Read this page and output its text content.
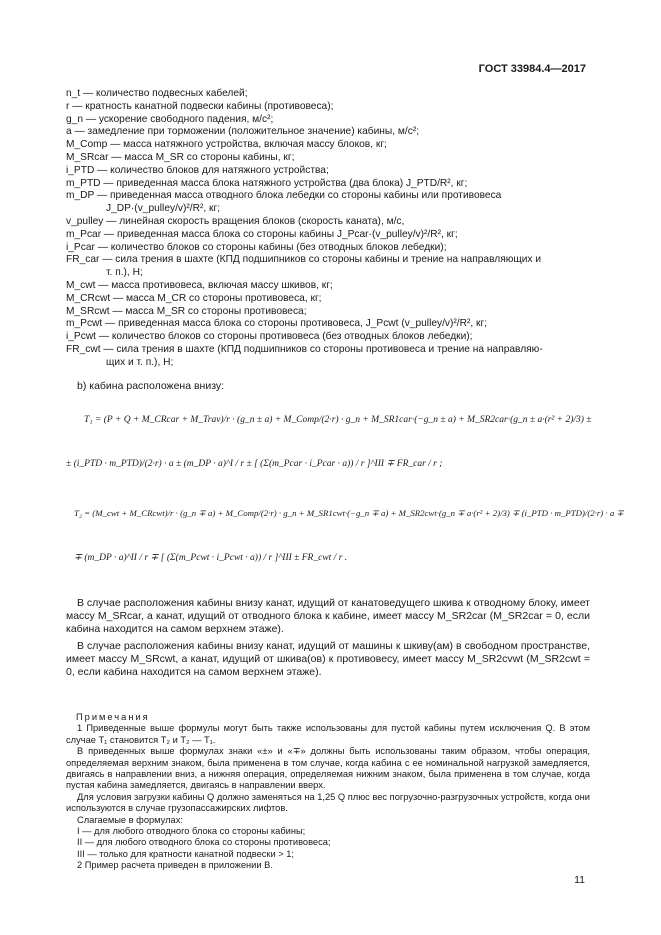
ГОСТ 33984.4—2017

n_t — количество подвесных кабелей;

r — кратность канатной подвески кабины (противовеса);

g_n — ускорение свободного падения, м/с²;

a — замедление при торможении (положительное значение) кабины, м/с²;

M_Comp — масса натяжного устройства, включая массу блоков, кг;

M_SRcar — масса M_SR со стороны кабины, кг;

i_PTD — количество блоков для натяжного устройства;

m_PTD — приведенная масса блока натяжного устройства (два блока) J_PTD/R², кг;

m_DP — приведенная масса отводного блока лебедки со стороны кабины или противовеса

J_DP·(v_pulley/v)²/R², кг;

v_pulley — линейная скорость вращения блоков (скорость каната), м/с,

m_Pcar — приведенная масса блока со стороны кабины J_Pcar·(v_pulley/v)²/R², кг;

i_Pcar — количество блоков со стороны кабины (без отводных блоков лебедки);

FR_car — сила трения в шахте (КПД подшипников со стороны кабины и трение на направляющих и

т. п.), Н;

M_cwt — масса противовеса, включая массу шкивов, кг;

M_CRcwt — масса M_CR со стороны противовеса, кг;

M_SRcwt — масса M_SR со стороны противовеса;

m_Pcwt — приведенная масса блока со стороны противовеса, J_Pcwt (v_pulley/v)²/R², кг;

i_Pcwt — количество блоков со стороны противовеса (без отводных блоков лебедки);

FR_cwt — сила трения в шахте (КПД подшипников со стороны противовеса и трение на направляю-

щих и т. п.), Н;

b) кабина расположена внизу:
T₁ = (P + Q + M_CRcar + M_Trav)/r · (g_n ± a) + M_Comp/(2·r) · g_n + M_SR1car·(−g_n ± a) + M_SR2car·(g_n ± a·(r² + 2)/3) ±
± (i_PTD · m_PTD)/(2·r) · a ± (m_DP · a)^I / r ± [ (Σ(m_Pcar · i_Pcar · a)) / r ]^III ∓ FR_car / r ;
T₂ = (M_cwt + M_CRcwt)/r · (g_n ∓ a) + M_Comp/(2·r) · g_n + M_SR1cwt·(−g_n ∓ a) + M_SR2cwt·(g_n ∓ a·(r² + 2)/3) ∓ (i_PTD · m_PTD)/(2·r) · a ∓
∓ (m_DP · a)^II / r ∓ [ (Σ(m_Pcwt · i_Pcwt · a)) / r ]^III ± FR_cwt / r .

В случае расположения кабины внизу канат, идущий от канатоведущего шкива к отводному блоку, имеет массу M_SRcar, а канат, идущий от отводного блока к кабине, имеет массу M_SR2car (M_SR2car = 0, если кабина находится на самом верхнем этаже).

В случае расположения кабины внизу канат, идущий от машины к шкиву(ам) в свободном пространстве, имеет массу M_SRcwt, а канат, идущий от шкива(ов) к противовесу, имеет массу M_SR2cvwt (M_SR2cwt = 0, если кабина находится на самом верхнем этаже).

Примечания

1 Приведенные выше формулы могут быть также использованы для пустой кабины путем исключения Q. В этом случае T₁ становится T₂ и T₂ — T₁.

В приведенных выше формулах знаки «±» и «∓» должны быть использованы таким образом, чтобы операция, определяемая верхним знаком, была применена в том случае, когда кабина с ее номинальной нагрузкой замедляется, двигаясь в направлении вниз, а нижняя операция, определяемая нижним знаком, была применена в том случае, когда пустая кабина замедляется, двигаясь в направлении вверх.

Для условия загрузки кабины Q должно заменяться на 1,25 Q плюс вес погрузочно-разгрузочных устройств, когда они используются в случае грузопассажирских лифтов.

Слагаемые в формулах:

I — для любого отводного блока со стороны кабины;

II — для любого отводного блока со стороны противовеса;

III — только для кратности канатной подвески > 1;

2 Пример расчета приведен в приложении В.

11
